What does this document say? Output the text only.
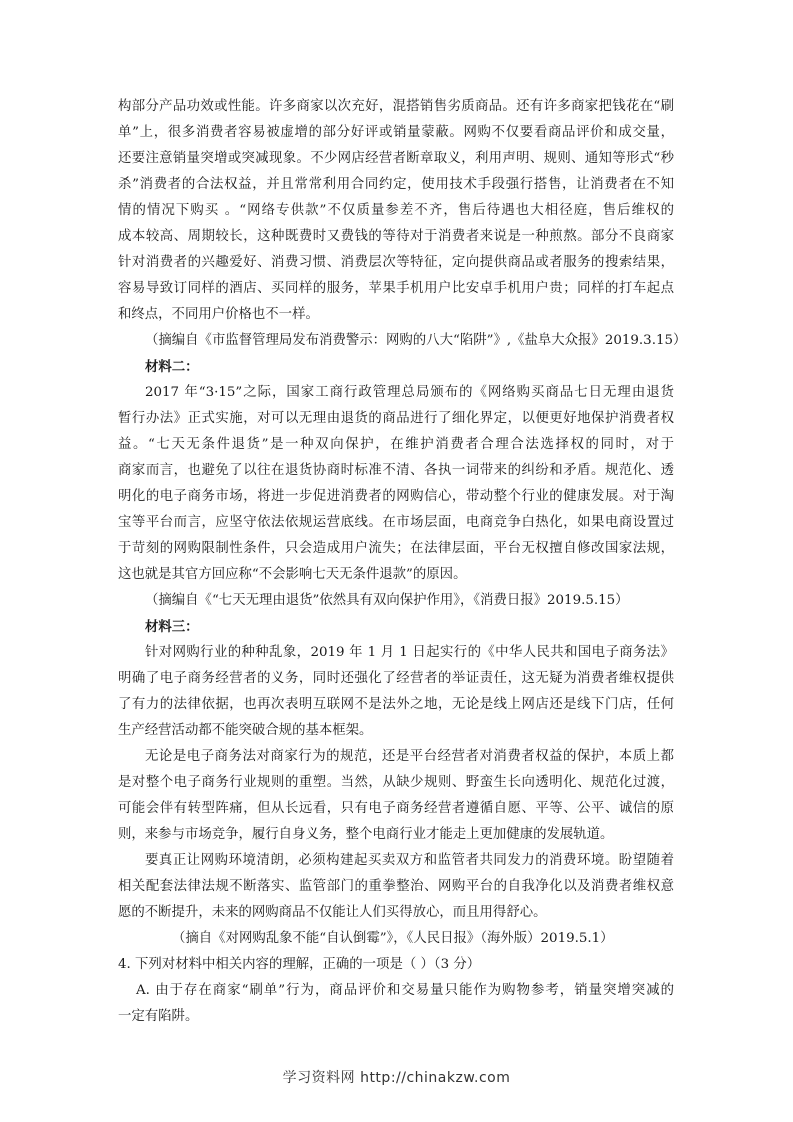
构部分产品功效或性能。许多商家以次充好，混搭销售劣质商品。还有许多商家把钱花在“刷
单”上，很多消费者容易被虚增的部分好评或销量蒙蔽。网购不仅要看商品评价和成交量，
还要注意销量突增或突减现象。不少网店经营者断章取义，利用声明、规则、通知等形式“秒
杀”消费者的合法权益，并且常常利用合同约定，使用技术手段强行搭售，让消费者在不知
情的情况下购买 。“网络专供款”不仅质量参差不齐，售后待遇也大相径庭，售后维权的
成本较高、周期较长，这种既费时又费钱的等待对于消费者来说是一种煎熬。部分不良商家
针对消费者的兴趣爱好、消费习惯、消费层次等特征，定向提供商品或者服务的搜索结果，
容易导致订同样的酒店、买同样的服务，苹果手机用户比安卓手机用户贵；同样的打车起点
和终点，不同用户价格也不一样。
（摘编自《市监督管理局发布消费警示：网购的八大“陷阱”》,《盐阜大众报》2019.3.15）
材料二：
2017 年“3·15”之际，国家工商行政管理总局颁布的《网络购买商品七日无理由退货
暂行办法》正式实施，对可以无理由退货的商品进行了细化界定，以便更好地保护消费者权
益。“七天无条件退货”是一种双向保护，在维护消费者合理合法选择权的同时，对于
商家而言，也避免了以往在退货协商时标准不清、各执一词带来的纠纷和矛盾。规范化、透
明化的电子商务市场，将进一步促进消费者的网购信心，带动整个行业的健康发展。对于淘
宝等平台而言，应坚守依法依规运营底线。在市场层面，电商竞争白热化，如果电商设置过
于苛刻的网购限制性条件，只会造成用户流失；在法律层面，平台无权擅自修改国家法规，
这也就是其官方回应称“不会影响七天无条件退款”的原因。
（摘编自《“七天无理由退货”依然具有双向保护作用》，《消费日报》2019.5.15）
材料三：
针对网购行业的种种乱象，2019 年 1 月 1 日起实行的《中华人民共和国电子商务法》
明确了电子商务经营者的义务，同时还强化了经营者的举证责任，这无疑为消费者维权提供
了有力的法律依据，也再次表明互联网不是法外之地，无论是线上网店还是线下门店，任何
生产经营活动都不能突破合规的基本框架。
无论是电子商务法对商家行为的规范，还是平台经营者对消费者权益的保护，本质上都
是对整个电子商务行业规则的重塑。当然，从缺少规则、野蛮生长向透明化、规范化过渡，
可能会伴有转型阵痛，但从长远看，只有电子商务经营者遵循自愿、平等、公平、诚信的原
则，来参与市场竞争，履行自身义务，整个电商行业才能走上更加健康的发展轨道。
要真正让网购环境清朗，必须构建起买卖双方和监管者共同发力的消费环境。盼望随着
相关配套法律法规不断落实、监管部门的重拳整治、网购平台的自我净化以及消费者维权意
愿的不断提升，未来的网购商品不仅能让人们买得放心，而且用得舒心。
（摘自《对网购乱象不能“自认倒霉”》，《人民日报》（海外版）2019.5.1）
4. 下列对材料中相关内容的理解，正确的一项是（ ）（3 分）
A. 由于存在商家“刷单”行为，商品评价和交易量只能作为购物参考，销量突增突减的
一定有陷阱。
学习资料网 http://chinakzw.com
